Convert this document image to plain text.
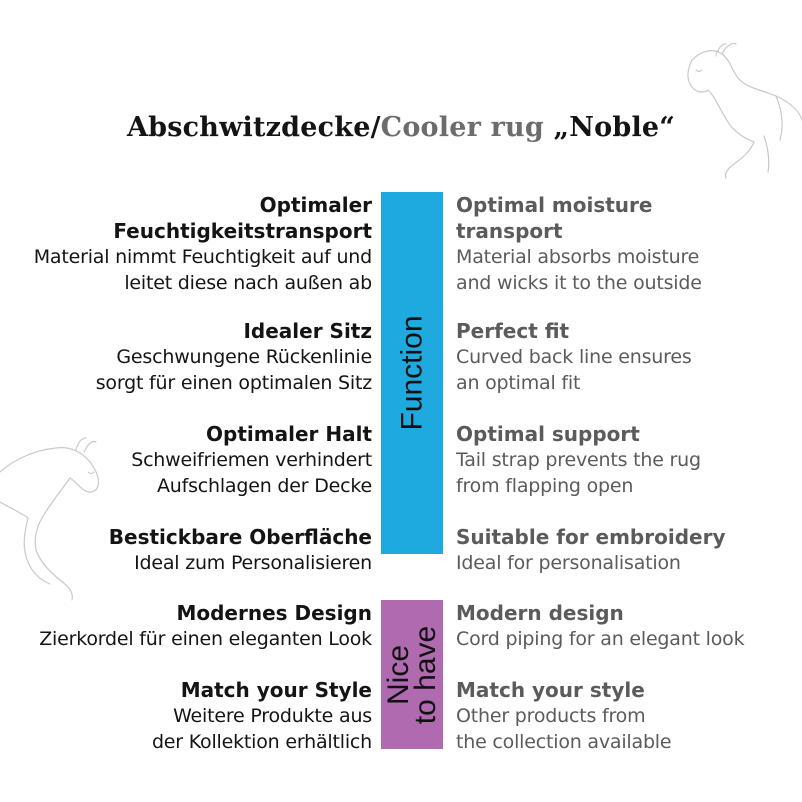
Abschwitzdecke/Cooler rug „Noble“
Function
Nice
to have
Optimaler
Feuchtigkeitstransport
Material nimmt Feuchtigkeit auf und
leitet diese nach außen ab
Optimal moisture
transport
Material absorbs moisture
and wicks it to the outside
Idealer Sitz
Geschwungene Rückenlinie
sorgt für einen optimalen Sitz
Perfect fit
Curved back line ensures
an optimal fit
Optimaler Halt
Schweifriemen verhindert
Aufschlagen der Decke
Optimal support
Tail strap prevents the rug
from flapping open
Bestickbare Oberfläche
Ideal zum Personalisieren
Suitable for embroidery
Ideal for personalisation
Modernes Design
Zierkordel für einen eleganten Look
Modern design
Cord piping for an elegant look
Match your Style
Weitere Produkte aus
der Kollektion erhältlich
Match your style
Other products from
the collection available
